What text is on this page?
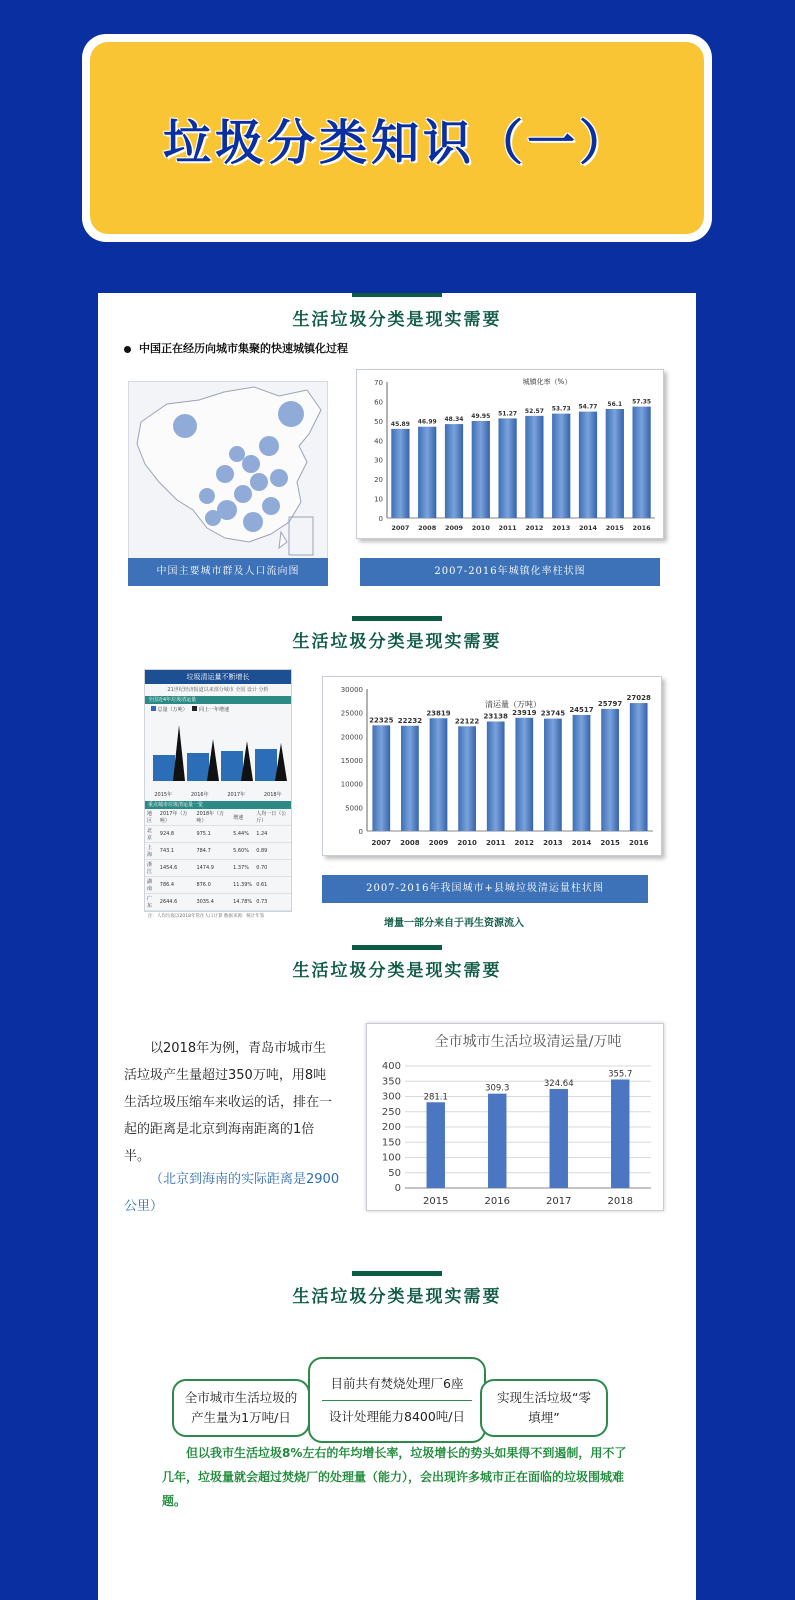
垃圾分类知识（一）
生活垃圾分类是现实需要
中国正在经历向城市集聚的快速城镇化过程
中国主要城市群及人口流向图
城镇化率（%）
0
10
20
30
40
50
60
70
45.89
2007
46.99
2008
48.34
2009
49.95
2010
51.27
2011
52.57
2012
53.73
2013
54.77
2014
56.1
2015
57.35
2016
2007-2016年城镇化率柱状图
生活垃圾分类是现实需要
垃圾清运量不断增长
21世纪经济报道以来部分城市 全国 设计 分析
全国近4年垃圾清运量
总量（万吨） 同上一年增速
2015年	2016年	2017年	2018年
重点城市垃圾清运量一览
地区	2017年（万吨）	2018年（万吨）	增速	人均一日（公斤）
北京	924.8	975.1	5.44%	1.24
上海	743.1	784.7	5.60%	0.89
浙江	1454.6	1474.9	1.37%	0.70
湖南	786.4	876.0	11.39%	0.61
广东	2644.6	3035.4	14.78%	0.73
注：人均垃圾以2018年常住人口计算 数据来源：统计年鉴
清运量（万吨）
0
5000
10000
15000
20000
25000
30000
22325
2007
22232
2008
23819
2009
22122
2010
23138
2011
23919
2012
23745
2013
24517
2014
25797
2015
27028
2016
2007-2016年我国城市+县城垃圾清运量柱状图
增量一部分来自于再生资源流入
生活垃圾分类是现实需要
以2018年为例，青岛市城市生活垃圾产生量超过350万吨，用8吨生活垃圾压缩车来收运的话，排在一起的距离是北京到海南距离的1倍半。
（北京到海南的实际距离是2900公里）
全市城市生活垃圾清运量/万吨
0
50
100
150
200
250
300
350
400
281.1
2015
309.3
2016
324.64
2017
355.7
2018
生活垃圾分类是现实需要
全市城市生活垃圾的产生量为1万吨/日
目前共有焚烧处理厂6座
设计处理能力8400吨/日
实现生活垃圾“零填埋”
但以我市生活垃圾8%左右的年均增长率，垃圾增长的势头如果得不到遏制，用不了几年，垃圾量就会超过焚烧厂的处理量（能力），会出现许多城市正在面临的垃圾围城难题。
